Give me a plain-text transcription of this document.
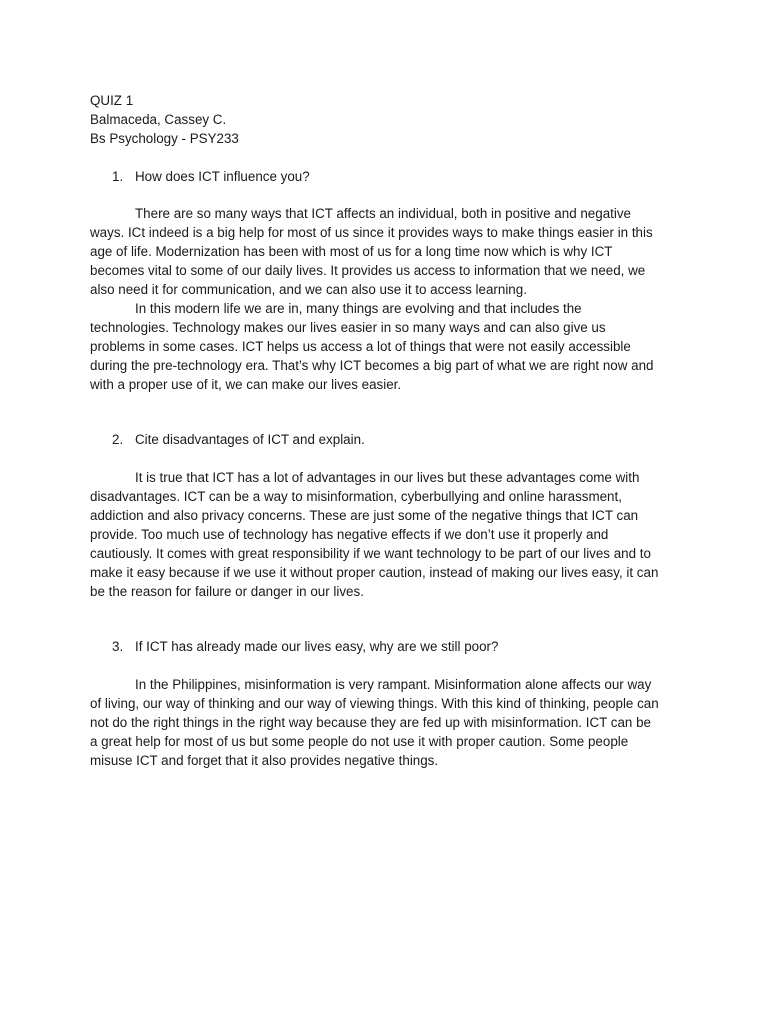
QUIZ 1
Balmaceda, Cassey C.
Bs Psychology - PSY233
1. How does ICT influence you?
There are so many ways that ICT affects an individual, both in positive and negative
ways. ICt indeed is a big help for most of us since it provides ways to make things easier in this
age of life. Modernization has been with most of us for a long time now which is why ICT
becomes vital to some of our daily lives. It provides us access to information that we need, we
also need it for communication, and we can also use it to access learning.
In this modern life we are in, many things are evolving and that includes the
technologies. Technology makes our lives easier in so many ways and can also give us
problems in some cases. ICT helps us access a lot of things that were not easily accessible
during the pre-technology era. That’s why ICT becomes a big part of what we are right now and
with a proper use of it, we can make our lives easier.
2. Cite disadvantages of ICT and explain.
It is true that ICT has a lot of advantages in our lives but these advantages come with
disadvantages. ICT can be a way to misinformation, cyberbullying and online harassment,
addiction and also privacy concerns. These are just some of the negative things that ICT can
provide. Too much use of technology has negative effects if we don’t use it properly and
cautiously. It comes with great responsibility if we want technology to be part of our lives and to
make it easy because if we use it without proper caution, instead of making our lives easy, it can
be the reason for failure or danger in our lives.
3. If ICT has already made our lives easy, why are we still poor?
In the Philippines, misinformation is very rampant. Misinformation alone affects our way
of living, our way of thinking and our way of viewing things. With this kind of thinking, people can
not do the right things in the right way because they are fed up with misinformation. ICT can be
a great help for most of us but some people do not use it with proper caution. Some people
misuse ICT and forget that it also provides negative things.
